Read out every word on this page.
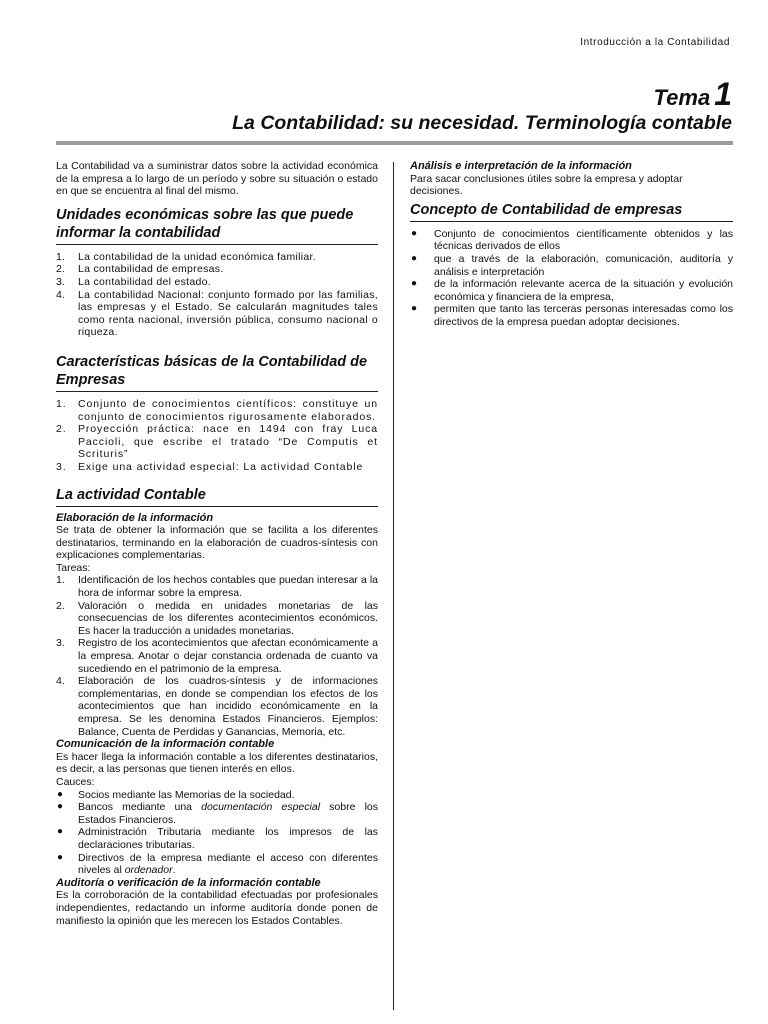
Introducción a la Contabilidad
Tema 1
La Contabilidad: su necesidad. Terminología contable

La Contabilidad va a suministrar datos sobre la actividad económica de la empresa a lo largo de un período y sobre su situación o estado en que se encuentra al final del mismo.

Unidades económicas sobre las que puede informar la contabilidad
1. La contabilidad de la unidad económica familiar.
2. La contabilidad de empresas.
3. La contabilidad del estado.
4. La contabilidad Nacional: conjunto formado por las familias, las empresas y el Estado. Se calcularán magnitudes tales como renta nacional, inversión pública, consumo nacional o riqueza.
Características básicas de la Contabilidad de Empresas
1. Conjunto de conocimientos científicos: constituye un conjunto de conocimientos rigurosamente elaborados.
2. Proyección práctica: nace en 1494 con fray Luca Paccioli, que escribe el tratado “De Computis et Scrituris”
3. Exige una actividad especial: La actividad Contable
La actividad Contable
Elaboración de la información

Se trata de obtener la información que se facilita a los diferentes destinatarios, terminando en la elaboración de cuadros-síntesis con explicaciones complementarias.

Tareas:

1. Identificación de los hechos contables que puedan interesar a la hora de informar sobre la empresa.
2. Valoración o medida en unidades monetarias de las consecuencias de los diferentes acontecimientos económicos. Es hacer la traducción a unidades monetarias.
3. Registro de los acontecimientos que afectan económicamente a la empresa. Anotar o dejar constancia ordenada de cuanto va sucediendo en el patrimonio de la empresa.
4. Elaboración de los cuadros-síntesis y de informaciones complementarias, en donde se compendian los efectos de los acontecimientos que han incidido económicamente en la empresa. Se les denomina Estados Financieros. Ejemplos: Balance, Cuenta de Perdidas y Ganancias, Memoria, etc.
Comunicación de la información contable

Es hacer llega la información contable a los diferentes destinatarios, es decir, a las personas que tienen interés en ellos.

Cauces:

● Socios mediante las Memorias de la sociedad.
● Bancos mediante una documentación especial sobre los Estados Financieros.
● Administración Tributaria mediante los impresos de las declaraciones tributarias.
● Directivos de la empresa mediante el acceso con diferentes niveles al ordenador.
Auditoría o verificación de la información contable

Es la corroboración de la contabilidad efectuadas por profesionales independientes, redactando un informe auditoría donde ponen de manifiesto la opinión que les merecen los Estados Contables.

Análisis e interpretación de la información

Para sacar conclusiones útiles sobre la empresa y adoptar decisiones.

Concepto de Contabilidad de empresas
● Conjunto de conocimientos científicamente obtenidos y las técnicas derivados de ellos
● que a través de la elaboración, comunicación, auditoría y análisis e interpretación
● de la información relevante acerca de la situación y evolución económica y financiera de la empresa,
● permiten que tanto las terceras personas interesadas como los directivos de la empresa puedan adoptar decisiones.
